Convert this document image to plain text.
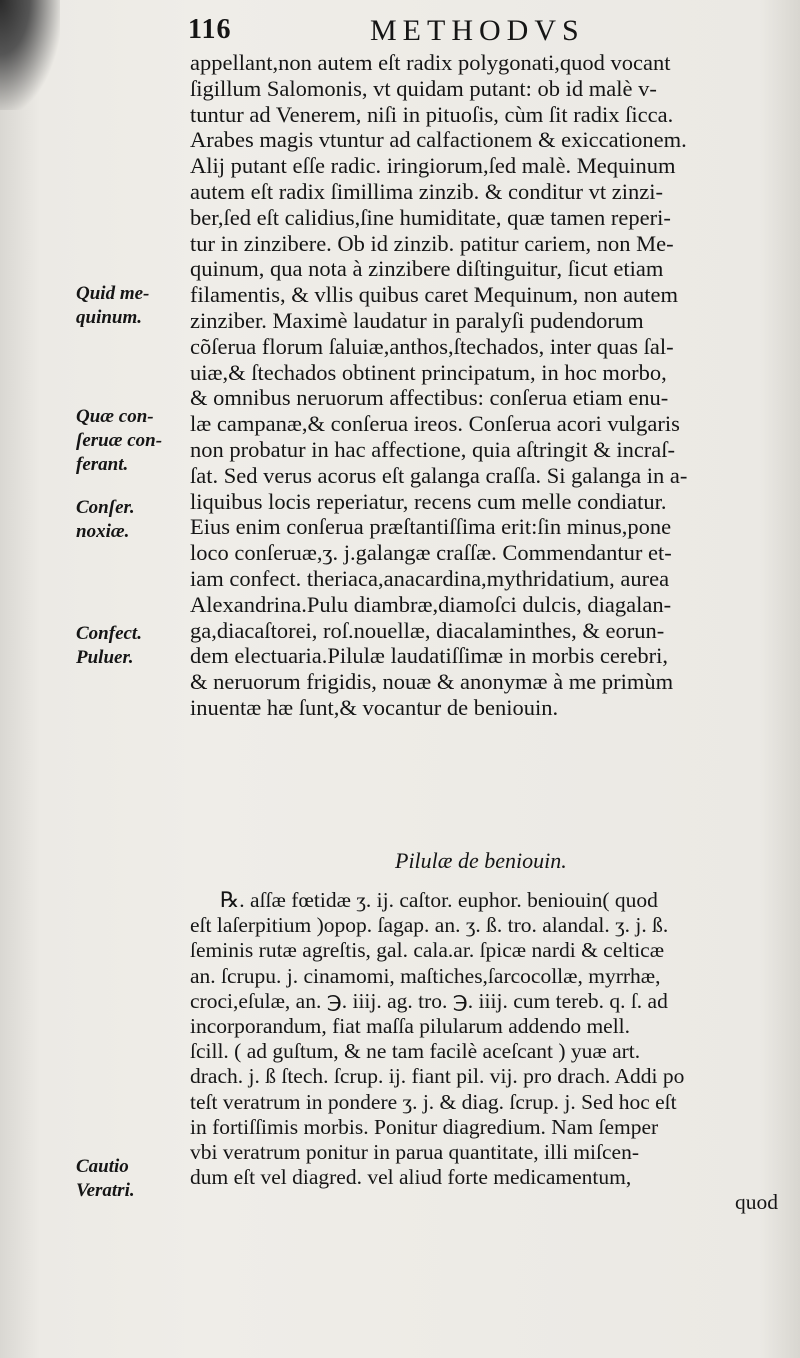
116	METHODVS
Quid me-
quinum.
Quæ con-
ſeruæ con-
ferant.
Conſer.
noxiæ.
Confect.
Puluer.
Cautio
Veratri.
appellant,non autem eſt radix polygonati,quod vocant
ſigillum Salomonis, vt quidam putant: ob id malè v-
tuntur ad Venerem, niſi in pituoſis, cùm ſit radix ſicca.
Arabes magis vtuntur ad calfactionem & exiccationem.
Alij putant eſſe radic. iringiorum,ſed malè. Mequinum
autem eſt radix ſimillima zinzib. & conditur vt zinzi-
ber,ſed eſt calidius,ſine humiditate, quæ tamen reperi-
tur in zinzibere. Ob id zinzib. patitur cariem, non Me-
quinum, qua nota à zinzibere diſtinguitur, ſicut etiam
filamentis, & vllis quibus caret Mequinum, non autem
zinziber. Maximè laudatur in paralyſi pudendorum
cõſerua florum ſaluiæ,anthos,ſtechados, inter quas ſal-
uiæ,& ſtechados obtinent principatum, in hoc morbo,
& omnibus neruorum affectibus: conſerua etiam enu-
læ campanæ,& conſerua ireos. Conſerua acori vulgaris
non probatur in hac affectione, quia aſtringit & incraſ-
ſat. Sed verus acorus eſt galanga craſſa. Si galanga in a-
liquibus locis reperiatur, recens cum melle condiatur.
Eius enim conſerua præſtantiſſima erit:ſin minus,pone
loco conſeruæ,ʒ. j.galangæ craſſæ. Commendantur et-
iam confect. theriaca,anacardina,mythridatium, aurea
Alexandrina.Pulu diambræ,diamoſci dulcis, diagalan-
ga,diacaſtorei, roſ.nouellæ, diacalaminthes, & eorun-
dem electuaria.Pilulæ laudatiſſimæ in morbis cerebri,
& neruorum frigidis, nouæ & anonymæ à me primùm
inuentæ hæ ſunt,& vocantur de beniouin.
Pilulæ de beniouin.
℞. aſſæ fœtidæ ʒ. ij. caſtor. euphor. beniouin( quod
eſt laſerpitium )opop. ſagap. an. ʒ. ß. tro. alandal. ʒ. j. ß.
ſeminis rutæ agreſtis, gal. cala.ar. ſpicæ nardi & celticæ
an. ſcrupu. j. cinamomi, maſtiches,ſarcocollæ, myrrhæ,
croci,eſulæ, an. ℈. iiij. ag. tro. ℈. iiij. cum tereb. q. ſ. ad
incorporandum, fiat maſſa pilularum addendo mell.
ſcill. ( ad guſtum, & ne tam facilè aceſcant ) yuæ art.
drach. j. ß ſtech. ſcrup. ij. fiant pil. vij. pro drach. Addi po
teſt veratrum in pondere ʒ. j. & diag. ſcrup. j. Sed hoc eſt
in fortiſſimis morbis. Ponitur diagredium. Nam ſemper
vbi veratrum ponitur in parua quantitate, illi miſcen-
dum eſt vel diagred. vel aliud forte medicamentum,
quod
